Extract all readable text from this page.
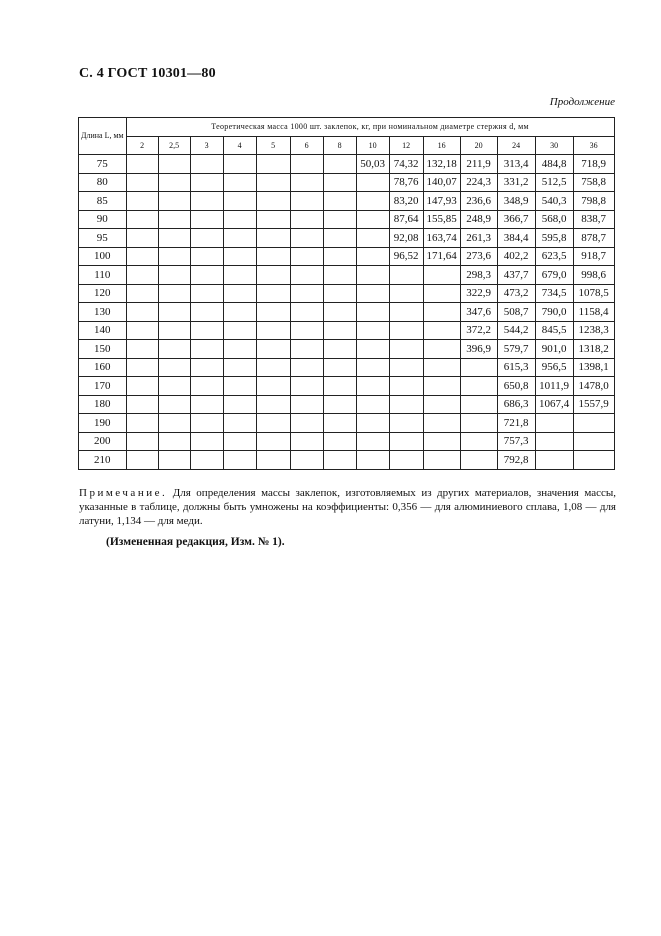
С. 4 ГОСТ 10301—80
Продолжение
Длина L, мм	Теоретическая масса 1000 шт. заклепок, кг, при номинальном диаметре стержня d, мм													
	2	2,5	3	4	5	6	8	10	12	16	20	24	30	36
75								50,03	74,32	132,18	211,9	313,4	484,8	718,9
80									78,76	140,07	224,3	331,2	512,5	758,8
85									83,20	147,93	236,6	348,9	540,3	798,8
90									87,64	155,85	248,9	366,7	568,0	838,7
95									92,08	163,74	261,3	384,4	595,8	878,7
100									96,52	171,64	273,6	402,2	623,5	918,7
110											298,3	437,7	679,0	998,6
120											322,9	473,2	734,5	1078,5
130											347,6	508,7	790,0	1158,4
140											372,2	544,2	845,5	1238,3
150											396,9	579,7	901,0	1318,2
160												615,3	956,5	1398,1
170												650,8	1011,9	1478,0
180												686,3	1067,4	1557,9
190												721,8		
200												757,3		
210												792,8		
Примечание. Для определения массы заклепок, изготовляемых из других материалов, значения массы, указанные в таблице, должны быть умножены на коэффициенты: 0,356 — для алюминиевого сплава, 1,08 — для латуни, 1,134 — для меди.
(Измененная редакция, Изм. № 1).
